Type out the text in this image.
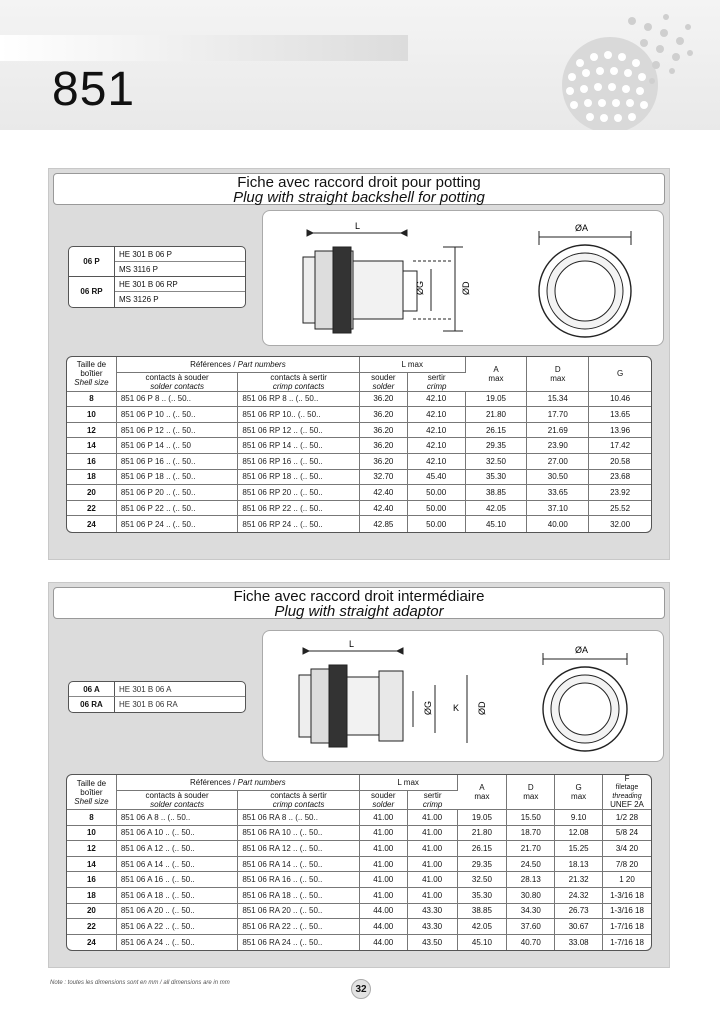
851
Fiche avec raccord droit pour potting
Plug with straight backshell for potting
06 P
HE 301 B 06 P
MS 3116 P
06 RP
HE 301 B 06 RP
MS 3126 P
L
ØG	ØD
ØA
Taille de
boîtier
Shell size	Références / Part numbers		L max		A
max	D
max	G
	contacts à souder
solder contacts	contacts à sertir
crimp contacts	souder
solder	sertir
crimp			
8	851 06 P 8 .. (.. 50..	851 06 RP 8 .. (.. 50..	36.20	42.10	19.05	15.34	10.46
10	851 06 P 10 .. (.. 50..	851 06 RP 10.. (.. 50..	36.20	42.10	21.80	17.70	13.65
12	851 06 P 12 .. (.. 50..	851 06 RP 12 .. (.. 50..	36.20	42.10	26.15	21.69	13.96
14	851 06 P 14 .. (.. 50	851 06 RP 14 .. (.. 50..	36.20	42.10	29.35	23.90	17.42
16	851 06 P 16 .. (.. 50..	851 06 RP 16 .. (.. 50..	36.20	42.10	32.50	27.00	20.58
18	851 06 P 18 .. (.. 50..	851 06 RP 18 .. (.. 50..	32.70	45.40	35.30	30.50	23.68
20	851 06 P 20 .. (.. 50..	851 06 RP 20 .. (.. 50..	42.40	50.00	38.85	33.65	23.92
22	851 06 P 22 .. (.. 50..	851 06 RP 22 .. (.. 50..	42.40	50.00	42.05	37.10	25.52
24	851 06 P 24 .. (.. 50..	851 06 RP 24 .. (.. 50..	42.85	50.00	45.10	40.00	32.00
Fiche avec raccord droit intermédiaire
Plug with straight adaptor
06 A	HE 301 B 06 A
06 RA	HE 301 B 06 RA
L
ØG K ØD
ØA
Taille de
boîtier
Shell size	Références / Part numbers		L max		A
max	D
max	G
max	F
filetage
threading
UNEF 2A
	contacts à souder
solder contacts	contacts à sertir
crimp contacts	souder
solder	sertir
crimp				
8	851 06 A 8 .. (.. 50..	851 06 RA 8 .. (.. 50..	41.00	41.00	19.05	15.50	9.10	1/2 28
10	851 06 A 10 .. (.. 50..	851 06 RA 10 .. (.. 50..	41.00	41.00	21.80	18.70	12.08	5/8 24
12	851 06 A 12 .. (.. 50..	851 06 RA 12 .. (.. 50..	41.00	41.00	26.15	21.70	15.25	3/4 20
14	851 06 A 14 .. (.. 50..	851 06 RA 14 .. (.. 50..	41.00	41.00	29.35	24.50	18.13	7/8 20
16	851 06 A 16 .. (.. 50..	851 06 RA 16 .. (.. 50..	41.00	41.00	32.50	28.13	21.32	1 20
18	851 06 A 18 .. (.. 50..	851 06 RA 18 .. (.. 50..	41.00	41.00	35.30	30.80	24.32	1-3/16 18
20	851 06 A 20 .. (.. 50..	851 06 RA 20 .. (.. 50..	44.00	43.30	38.85	34.30	26.73	1-3/16 18
22	851 06 A 22 .. (.. 50..	851 06 RA 22 .. (.. 50..	44.00	43.30	42.05	37.60	30.67	1-7/16 18
24	851 06 A 24 .. (.. 50..	851 06 RA 24 .. (.. 50..	44.00	43.50	45.10	40.70	33.08	1-7/16 18
Note : toutes les dimensions sont en mm / all dimensions are in mm
32
